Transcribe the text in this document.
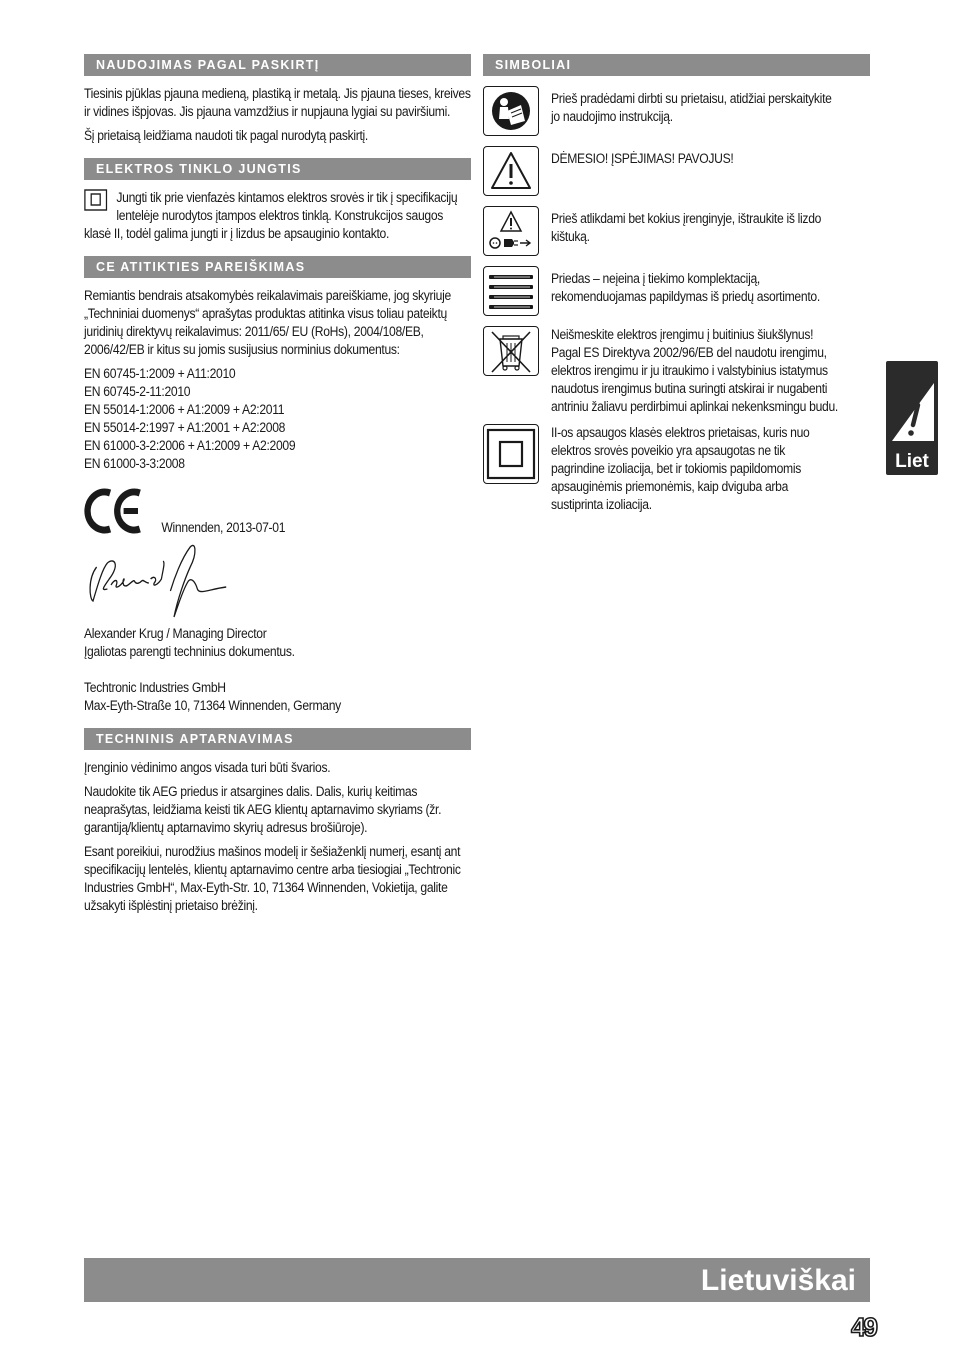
NAUDOJIMAS PAGAL PASKIRTĮ

Tiesinis pjūklas pjauna medieną, plastiką ir metalą. Jis pjauna tieses, kreives ir vidines išpjovas. Jis pjauna vamzdžius ir nupjauna lygiai su paviršiumi.

Šį prietaisą leidžiama naudoti tik pagal nurodytą paskirtį.

ELEKTROS TINKLO JUNGTIS

Jungti tik prie vienfazės kintamos elektros srovės ir tik į specifikacijų lentelėje nurodytos įtampos elektros tinklą. Konstrukcijos saugos klasė II, todėl galima jungti ir į lizdus be apsauginio kontakto.

CE ATITIKTIES PAREIŠKIMAS

Remiantis bendrais atsakomybės reikalavimais pareiškiame, jog skyriuje „Techniniai duomenys“ aprašytas produktas atitinka visus toliau pateiktų juridinių direktyvų reikalavimus: 2011/65/ EU (RoHs), 2004/108/EB, 2006/42/EB ir kitus su jomis susijusius norminius dokumentus:

EN 60745-1:2009 + A11:2010
EN 60745-2-11:2010
EN 55014-1:2006 + A1:2009 + A2:2011
EN 55014-2:1997 + A1:2001 + A2:2008
EN 61000-3-2:2006 + A1:2009 + A2:2009
EN 61000-3-3:2008
Winnenden, 2013-07-01

Alexander Krug / Managing Director

Įgaliotas parengti techninius dokumentus.

Techtronic Industries GmbH

Max-Eyth-Straße 10, 71364 Winnenden, Germany

TECHNINIS APTARNAVIMAS

Įrenginio vėdinimo angos visada turi būti švarios.

Naudokite tik AEG priedus ir atsargines dalis. Dalis, kurių keitimas neaprašytas, leidžiama keisti tik AEG klientų aptarnavimo skyriams (žr. garantiją/klientų aptarnavimo skyrių adresus brošiūroje).

Esant poreikiui, nurodžius mašinos modelį ir šešiaženklį numerį, esantį ant specifikacijų lentelės, klientų aptarnavimo centre arba tiesiogiai „Techtronic Industries GmbH“, Max-Eyth-Str. 10, 71364 Winnenden, Vokietija, galite užsakyti išplėstinį prietaiso brėžinį.

SIMBOLIAI
Prieš pradėdami dirbti su prietaisu, atidžiai perskaitykite jo naudojimo instrukciją.
DĖMESIO! ĮSPĖJIMAS! PAVOJUS!
Prieš atlikdami bet kokius įrenginyje, ištraukite iš lizdo kištuką.
Priedas – neįeina į tiekimo komplektaciją, rekomenduojamas papildymas iš priedų asortimento.
Neišmeskite elektros įrengimu į buitinius šiukšlynus! Pagal ES Direktyva 2002/96/EB del naudotu irengimu, elektros irengimu ir ju itraukimo i valstybinius istatymus naudotus irengimus butina suringti atskirai ir nugabenti antriniu žaliavu perdirbimui aplinkai nekenksmingu budu.
II-os apsaugos klasės elektros prietaisas, kuris nuo elektros srovės poveikio yra apsaugotas ne tik pagrindine izoliacija, bet ir tokiomis papildomomis apsauginėmis priemonėmis, kaip dviguba arba sustiprinta izoliacija.
Liet
Lietuviškai
49
